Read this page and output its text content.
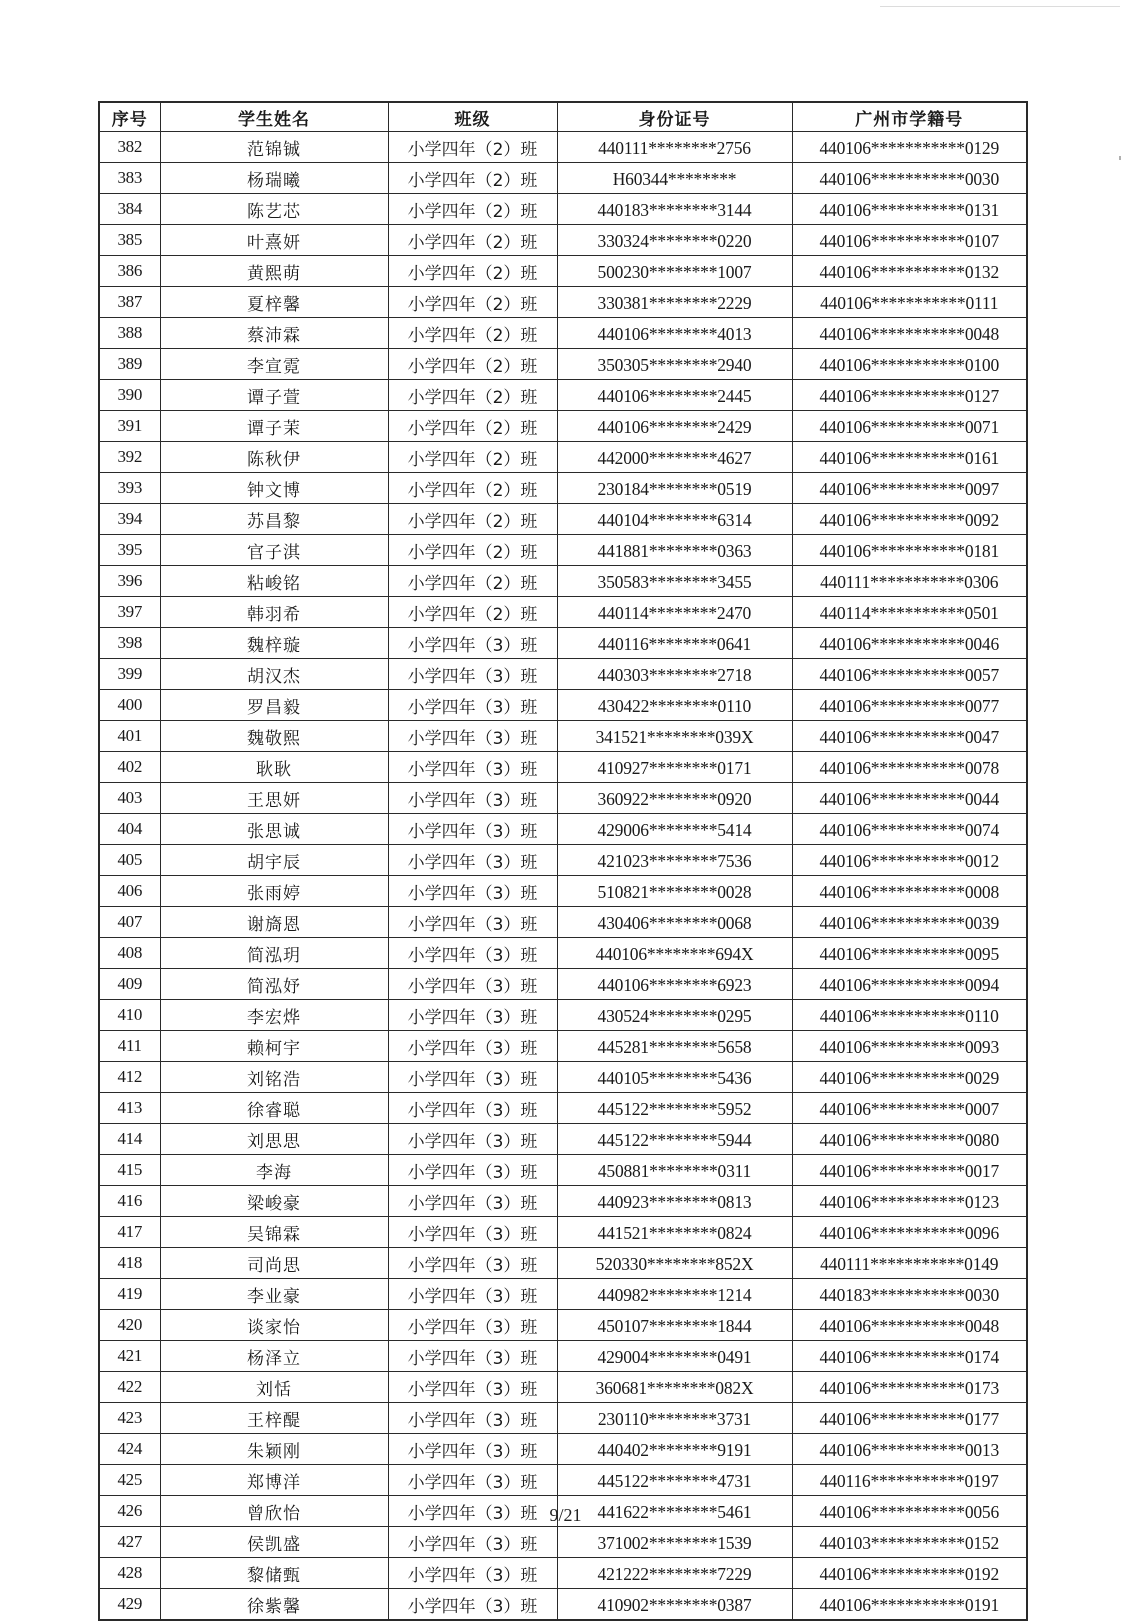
序号	学生姓名	班级	身份证号	广州市学籍号
382	范锦铖	小学四年（2）班	440111********2756	440106***********0129
383	杨瑞曦	小学四年（2）班	H60344********	440106***********0030
384	陈艺芯	小学四年（2）班	440183********3144	440106***********0131
385	叶熹妍	小学四年（2）班	330324********0220	440106***********0107
386	黄熙萌	小学四年（2）班	500230********1007	440106***********0132
387	夏梓馨	小学四年（2）班	330381********2229	440106***********0111
388	蔡沛霖	小学四年（2）班	440106********4013	440106***********0048
389	李宣霓	小学四年（2）班	350305********2940	440106***********0100
390	谭子萱	小学四年（2）班	440106********2445	440106***********0127
391	谭子茉	小学四年（2）班	440106********2429	440106***********0071
392	陈秋伊	小学四年（2）班	442000********4627	440106***********0161
393	钟文博	小学四年（2）班	230184********0519	440106***********0097
394	苏昌黎	小学四年（2）班	440104********6314	440106***********0092
395	官子淇	小学四年（2）班	441881********0363	440106***********0181
396	粘峻铭	小学四年（2）班	350583********3455	440111***********0306
397	韩羽希	小学四年（2）班	440114********2470	440114***********0501
398	魏梓璇	小学四年（3）班	440116********0641	440106***********0046
399	胡汉杰	小学四年（3）班	440303********2718	440106***********0057
400	罗昌毅	小学四年（3）班	430422********0110	440106***********0077
401	魏敬熙	小学四年（3）班	341521********039X	440106***********0047
402	耿耿	小学四年（3）班	410927********0171	440106***********0078
403	王思妍	小学四年（3）班	360922********0920	440106***********0044
404	张思诚	小学四年（3）班	429006********5414	440106***********0074
405	胡宇辰	小学四年（3）班	421023********7536	440106***********0012
406	张雨婷	小学四年（3）班	510821********0028	440106***********0008
407	谢旖恩	小学四年（3）班	430406********0068	440106***********0039
408	简泓玥	小学四年（3）班	440106********694X	440106***********0095
409	简泓妤	小学四年（3）班	440106********6923	440106***********0094
410	李宏烨	小学四年（3）班	430524********0295	440106***********0110
411	赖柯宇	小学四年（3）班	445281********5658	440106***********0093
412	刘铭浩	小学四年（3）班	440105********5436	440106***********0029
413	徐睿聪	小学四年（3）班	445122********5952	440106***********0007
414	刘思思	小学四年（3）班	445122********5944	440106***********0080
415	李海	小学四年（3）班	450881********0311	440106***********0017
416	梁峻豪	小学四年（3）班	440923********0813	440106***********0123
417	吴锦霖	小学四年（3）班	441521********0824	440106***********0096
418	司尚思	小学四年（3）班	520330********852X	440111***********0149
419	李业豪	小学四年（3）班	440982********1214	440183***********0030
420	谈家怡	小学四年（3）班	450107********1844	440106***********0048
421	杨泽立	小学四年（3）班	429004********0491	440106***********0174
422	刘恬	小学四年（3）班	360681********082X	440106***********0173
423	王梓醍	小学四年（3）班	230110********3731	440106***********0177
424	朱颖刚	小学四年（3）班	440402********9191	440106***********0013
425	郑博洋	小学四年（3）班	445122********4731	440116***********0197
426	曾欣怡	小学四年（3）班	441622********5461	440106***********0056
427	侯凯盛	小学四年（3）班	371002********1539	440103***********0152
428	黎储甄	小学四年（3）班	421222********7229	440106***********0192
429	徐紫馨	小学四年（3）班	410902********0387	440106***********0191
9/21
